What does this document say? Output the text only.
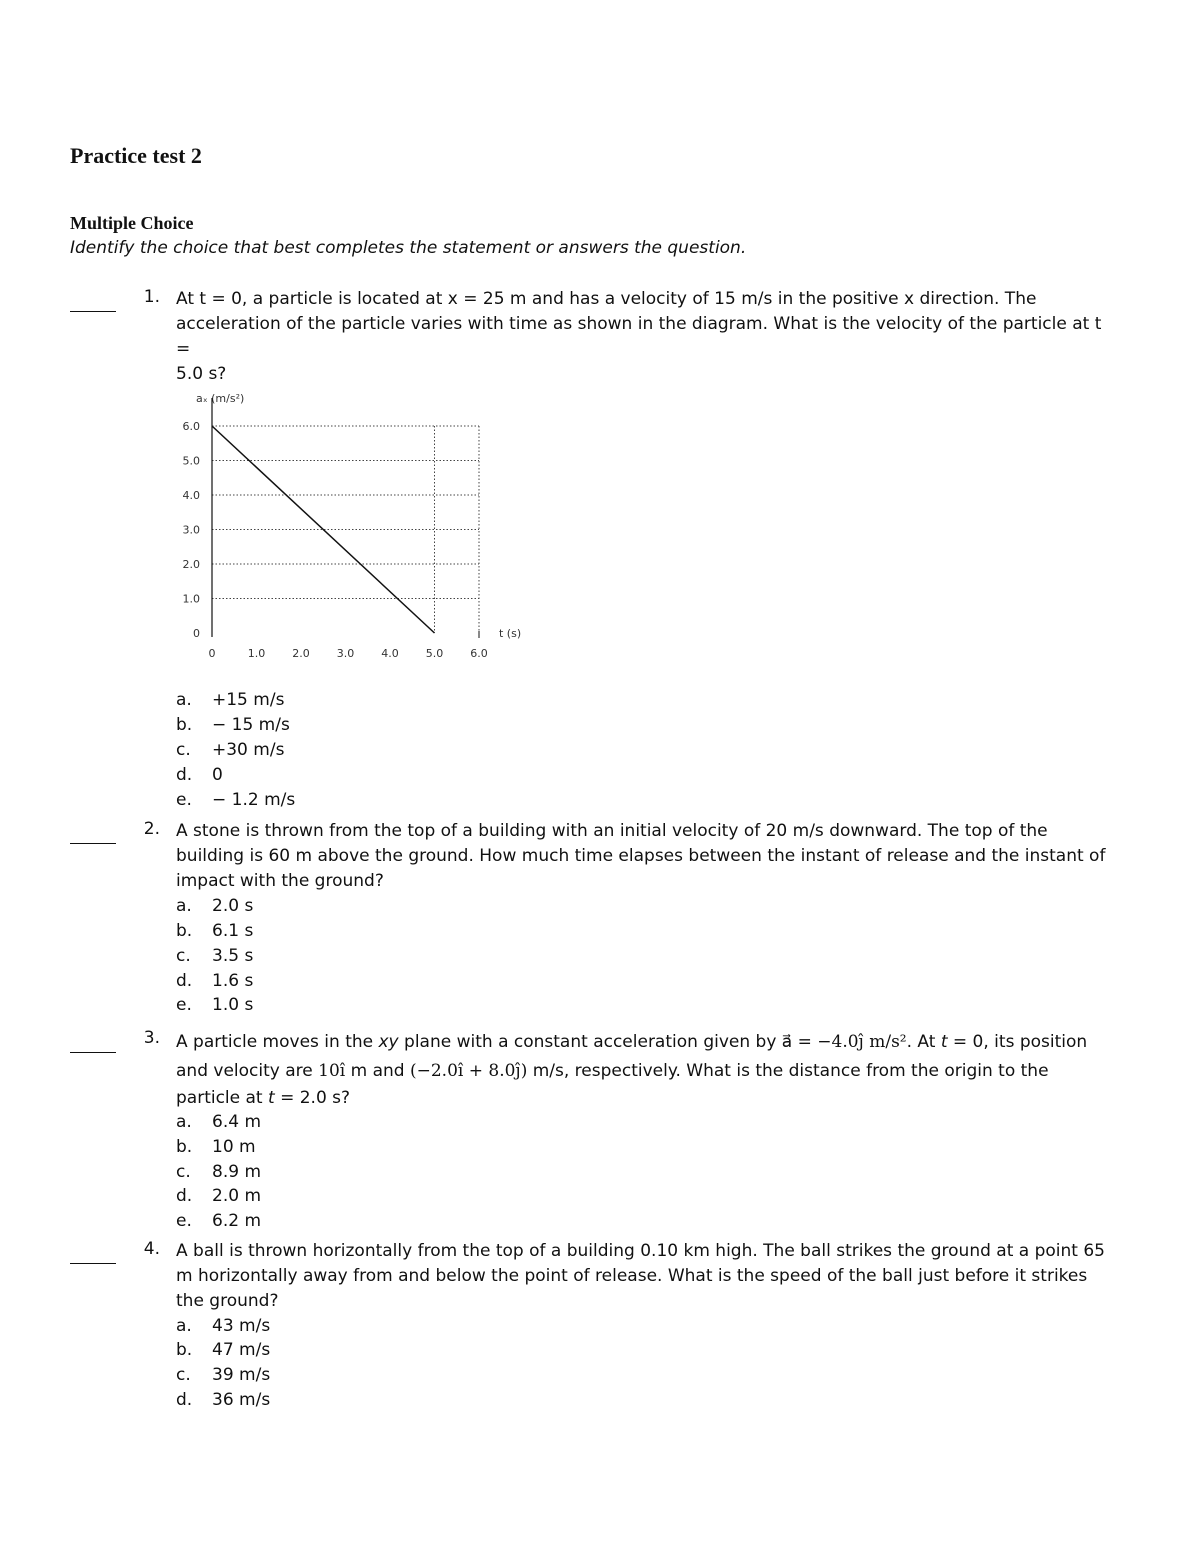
Practice test 2
Multiple Choice
Identify the choice that best completes the statement or answers the question.
1. At t = 0, a particle is located at x = 25 m and has a velocity of 15 m/s in the positive x direction. The
acceleration of the particle varies with time as shown in the diagram. What is the velocity of the particle at t =
5.0 s?
aₓ (m/s²)
0
1.0
2.0
3.0
4.0
5.0
6.0
0	1.0 2.0 3.0 4.0 5.0 6.0
t (s)
a. +15 m/s
b. − 15 m/s
c. +30 m/s
d. 0
e. − 1.2 m/s
2. A stone is thrown from the top of a building with an initial velocity of 20 m/s downward. The top of the building is 60 m above the ground. How much time elapses between the instant of release and the instant of impact with the ground?
a. 2.0 s
b. 6.1 s
c. 3.5 s
d. 1.6 s
e. 1.0 s
3. A particle moves in the xy plane with a constant acceleration given by a⃗ = −4.0ĵ m/s². At t = 0, its position
and velocity are 10î m and (−2.0î + 8.0ĵ) m/s, respectively. What is the distance from the origin to the
particle at t = 2.0 s?
a. 6.4 m
b. 10 m
c. 8.9 m
d. 2.0 m
e. 6.2 m
4. A ball is thrown horizontally from the top of a building 0.10 km high. The ball strikes the ground at a point 65 m horizontally away from and below the point of release. What is the speed of the ball just before it strikes the ground?
a. 43 m/s
b. 47 m/s
c. 39 m/s
d. 36 m/s
